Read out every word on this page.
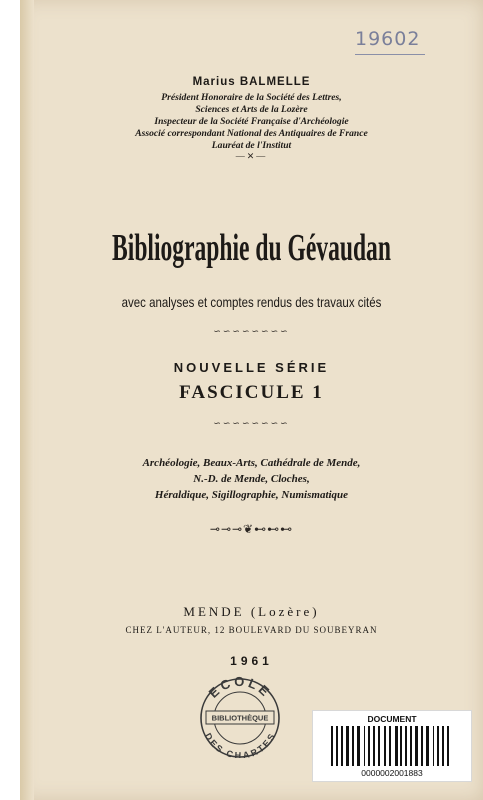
19602
Marius BALMELLE
Président Honoraire de la Société des Lettres,
Sciences et Arts de la Lozère
Inspecteur de la Société Française d'Archéologie
Associé correspondant National des Antiquaires de France
Lauréat de l'Institut
—✕—
Bibliographie du Gévaudan
avec analyses et comptes rendus des travaux cités
∽∽∽∽∽∽∽∽
NOUVELLE SÉRIE
FASCICULE 1
∽∽∽∽∽∽∽∽
Archéologie, Beaux-Arts, Cathédrale de Mende,
N.-D. de Mende, Cloches,
Héraldique, Sigillographie, Numismatique
⊸⊸⊸❦⊷⊷⊷
MENDE (Lozère)
CHEZ L'AUTEUR, 12 BOULEVARD DU SOUBEYRAN
1961
ECOLE
BIBLIOTHÈQUE
DES CHARTES
DOCUMENT
0000002001883
